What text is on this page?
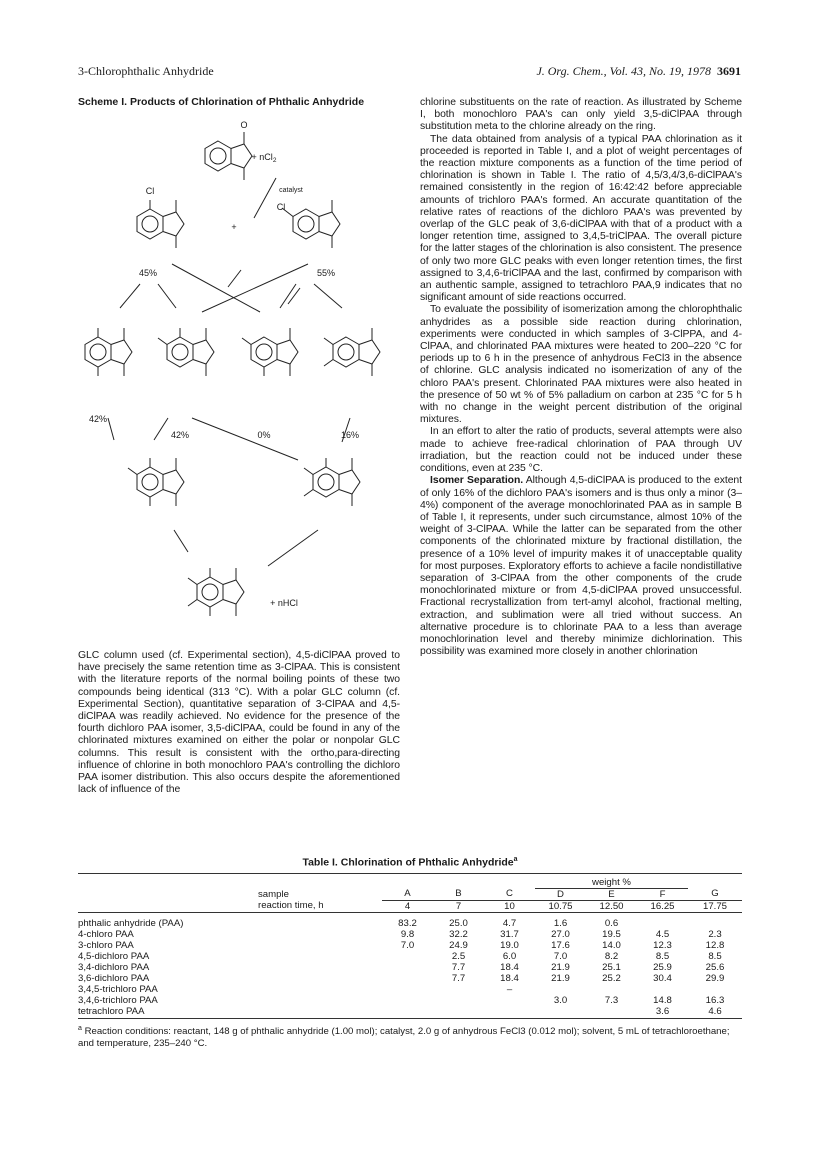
3-Chlorophthalic Anhydride	J. Org. Chem., Vol. 43, No. 19, 1978 3691
Scheme I. Products of Chlorination of Phthalic Anhydride
O
+ nCl$_2$
catalyst
+
Cl
Cl
45%	55%
42%
42%	0%	16%
+ nHCl

GLC column used (cf. Experimental section), 4,5-diClPAA proved to have precisely the same retention time as 3-ClPAA. This is consistent with the literature reports of the normal boiling points of these two compounds being identical (313 °C). With a polar GLC column (cf. Experimental Section), quantitative separation of 3-ClPAA and 4,5-diClPAA was readily achieved. No evidence for the presence of the fourth dichloro PAA isomer, 3,5-diClPAA, could be found in any of the chlorinated mixtures examined on either the polar or nonpolar GLC columns. This result is consistent with the ortho,para-directing influence of chlorine in both monochloro PAA's controlling the dichloro PAA isomer distribution. This also occurs despite the aforementioned lack of influence of the

chlorine substituents on the rate of reaction. As illustrated by Scheme I, both monochloro PAA's can only yield 3,5-diClPAA through substitution meta to the chlorine already on the ring.

The data obtained from analysis of a typical PAA chlorination as it proceeded is reported in Table I, and a plot of weight percentages of the reaction mixture components as a function of the time period of chlorination is shown in Table I. The ratio of 4,5/3,4/3,6-diClPAA's remained consistently in the region of 16:42:42 before appreciable amounts of trichloro PAA's formed. An accurate quantitation of the relative rates of reactions of the dichloro PAA's was prevented by overlap of the GLC peak of 3,6-diClPAA with that of a product with a longer retention time, assigned to 3,4,5-triClPAA. The overall picture for the latter stages of the chlorination is also consistent. The presence of only two more GLC peaks with even longer retention times, the first assigned to 3,4,6-triClPAA and the last, confirmed by comparison with an authentic sample, assigned to tetrachloro PAA,9 indicates that no significant amount of side reactions occurred.

To evaluate the possibility of isomerization among the chlorophthalic anhydrides as a possible side reaction during chlorination, experiments were conducted in which samples of 3-ClPPA, and 4-ClPAA, and chlorinated PAA mixtures were heated to 200–220 °C for periods up to 6 h in the presence of anhydrous FeCl3 in the absence of chlorine. GLC analysis indicated no isomerization of any of the chloro PAA's present. Chlorinated PAA mixtures were also heated in the presence of 50 wt % of 5% palladium on carbon at 235 °C for 5 h with no change in the weight percent distribution of the original mixtures.

In an effort to alter the ratio of products, several attempts were also made to achieve free-radical chlorination of PAA through UV irradiation, but the reaction could not be induced under these conditions, even at 235 °C.

Isomer Separation. Although 4,5-diClPAA is produced to the extent of only 16% of the dichloro PAA's isomers and is thus only a minor (3–4%) component of the average monochlorinated PAA as in sample B of Table I, it represents, under such circumstance, almost 10% of the weight of 3-ClPAA. While the latter can be separated from the other components of the chlorinated mixture by fractional distillation, the presence of a 10% level of impurity makes it of unacceptable quality for most purposes. Exploratory efforts to achieve a facile nondistillative separation of 3-ClPAA from the other components of the crude monochlorinated mixture or from 4,5-diClPAA proved unsuccessful. Fractional recrystallization from tert-amyl alcohol, fractional melting, extraction, and sublimation were all tried without success. An alternative procedure is to chlorinate PAA to a less than average monochlorination level and thereby minimize dichlorination. This possibility was examined more closely in another chlorination

Table I. Chlorination of Phthalic Anhydride$^a$
					weight %			
	sample	A	B	C	D	E	F	G
	reaction time, h	4	7	10	10.75	12.50	16.25	17.75

phthalic anhydride (PAA)		83.2	25.0	4.7	1.6	0.6		
4-chloro PAA		9.8	32.2	31.7	27.0	19.5	4.5	2.3
3-chloro PAA		7.0	24.9	19.0	17.6	14.0	12.3	12.8
4,5-dichloro PAA			2.5	6.0	7.0	8.2	8.5	8.5
3,4-dichloro PAA			7.7	18.4	21.9	25.1	25.9	25.6
3,6-dichloro PAA			7.7	18.4	21.9	25.2	30.4	29.9
3,4,5-trichloro PAA				–				
3,4,6-trichloro PAA					3.0	7.3	14.8	16.3
tetrachloro PAA							3.6	4.6
$^a$ Reaction conditions: reactant, 148 g of phthalic anhydride (1.00 mol); catalyst, 2.0 g of anhydrous FeCl3 (0.012 mol); solvent, 5 mL of tetrachloroethane; and temperature, 235–240 °C.
